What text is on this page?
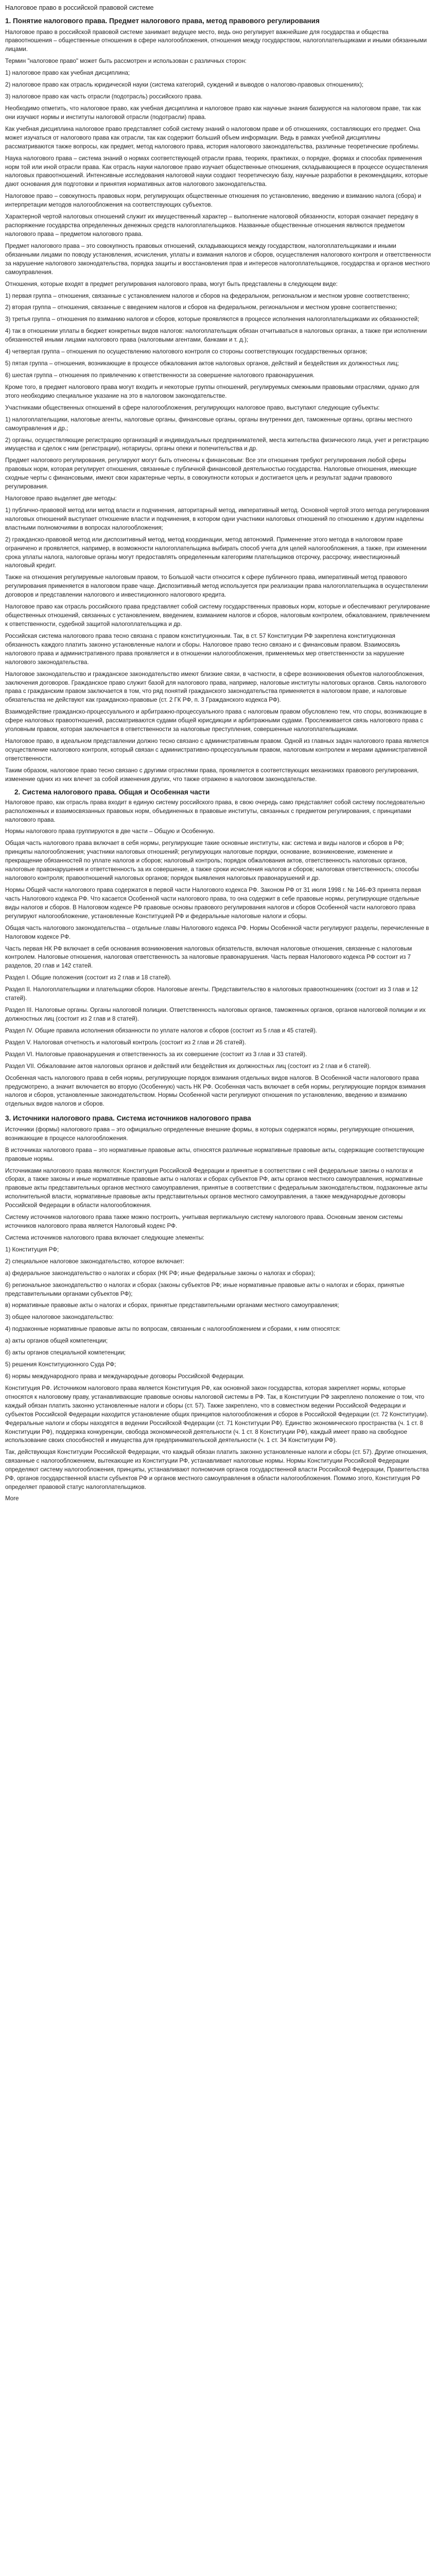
Налоговое право в российской правовой системе
1. Понятие налогового права. Предмет налогового права, метод правового регулирования

Налоговое право в российской правовой системе занимает ведущее место, ведь оно регулирует важнейшие для государства и общества правоотношения – общественные отношения в сфере налогообложения, отношения между государством, налогоплательщиками и иными обязанными лицами.

Термин "налоговое право" может быть рассмотрен и использован с различных сторон:

1) налоговое право как учебная дисциплина;

2) налоговое право как отрасль юридической науки (система категорий, суждений и выводов о налогово-правовых отношениях);

3) налоговое право как часть отрасли (подотрасль) российского права.

Необходимо отметить, что налоговое право, как учебная дисциплина и налоговое право как научные знания базируются на налоговом праве, так как они изучают нормы и институты налоговой отрасли (подотрасли) права.

Как учебная дисциплина налоговое право представляет собой систему знаний о налоговом праве и об отношениях, составляющих его предмет. Она может изучаться от налогового права как отрасли, так как содержит больший объем информации. Ведь в рамках учебной дисциплины рассматриваются также вопросы, как предмет, метод налогового права, история налогового законодательства, различные теоретические проблемы.

Наука налогового права – система знаний о нормах соответствующей отрасли права, теориях, практиках, о порядке, формах и способах применения норм той или иной отрасли права. Как отрасль науки налоговое право изучает общественные отношения, складывающиеся в процессе осуществления налоговых правоотношений. Интенсивные исследования налоговой науки создают теоретическую базу, научные разработки в рекомендациях, которые дают основания для подготовки и принятия нормативных актов налогового законодательства.

Налоговое право – совокупность правовых норм, регулирующих общественные отношения по установлению, введению и взиманию налога (сбора) и интерпретации методов налогообложения на соответствующих субъектов.

Характерной чертой налоговых отношений служит их имущественный характер – выполнение налоговой обязанности, которая означает передачу в распоряжение государства определенных денежных средств налогоплательщиков. Названные общественные отношения являются предметом налогового права – предметом налогового права.

Предмет налогового права – это совокупность правовых отношений, складывающихся между государством, налогоплательщиками и иными обязанными лицами по поводу установления, исчисления, уплаты и взимания налогов и сборов, осуществления налогового контроля и ответственности за нарушение налогового законодательства, порядка защиты и восстановления прав и интересов налогоплательщиков, государства и органов местного самоуправления.

Отношения, которые входят в предмет регулирования налогового права, могут быть представлены в следующем виде:

1) первая группа – отношения, связанные с установлением налогов и сборов на федеральном, региональном и местном уровне соответственно;

2) вторая группа – отношения, связанные с введением налогов и сборов на федеральном, региональном и местном уровне соответственно;

3) третья группа – отношения по взиманию налогов и сборов, которые проявляются в процессе исполнения налогоплательщиками их обязанностей;

4) так в отношении уплаты в бюджет конкретных видов налогов: налогоплательщик обязан отчитываться в налоговых органах, а также при исполнении обязанностей иными лицами налогового права (налоговыми агентами, банками и т. д.);

4) четвертая группа – отношения по осуществлению налогового контроля со стороны соответствующих государственных органов;

5) пятая группа – отношения, возникающие в процессе обжалования актов налоговых органов, действий и бездействия их должностных лиц;

6) шестая группа – отношения по привлечению к ответственности за совершение налогового правонарушения.

Кроме того, в предмет налогового права могут входить и некоторые группы отношений, регулируемых смежными правовыми отраслями, однако для этого необходимо специальное указание на это в налоговом законодательстве.

Участниками общественных отношений в сфере налогообложения, регулирующих налоговое право, выступают следующие субъекты:

1) налогоплательщики, налоговые агенты, налоговые органы, финансовые органы, органы внутренних дел, таможенные органы, органы местного самоуправления и др.;

2) органы, осуществляющие регистрацию организаций и индивидуальных предпринимателей, места жительства физического лица, учет и регистрацию имущества и сделок с ним (регистрации), нотариусы, органы опеки и попечительства и др.

Предмет налогового регулирования, регулируют могут быть отнесены к финансовым: Все эти отношения требуют регулирования любой сферы правовых норм, которая регулирует отношения, связанные с публичной финансовой деятельностью государства. Налоговые отношения, имеющие сходные черты с финансовыми, имеют свои характерные черты, в совокупности которых и достигается цель и результат задачи правового регулирования.

Налоговое право выделяет две методы:

1) публично-правовой метод или метод власти и подчинения, авторитарный метод, императивный метод. Основной чертой этого метода регулирования налоговых отношений выступает отношение власти и подчинения, в котором одни участники налоговых отношений по отношению к другим наделены властными полномочиями в вопросах налогообложения;

2) гражданско-правовой метод или диспозитивный метод, метод координации, метод автономий. Применение этого метода в налоговом праве ограничено и проявляется, например, в возможности налогоплательщика выбирать способ учета для целей налогообложения, а также, при изменении срока уплаты налога, налоговые органы могут предоставлять определенным категориям плательщиков отсрочку, рассрочку, инвестиционный налоговый кредит.

Также на отношения регулируемые налоговым правом, то Большой части относится к сфере публичного права, императивный метод правового регулирования применяется в налоговом праве чаще. Диспозитивный метод используется при реализации права налогоплательщика в осуществлении договоров и представлении налогового и инвестиционного налогового кредита.

Налоговое право как отрасль российского права представляет собой систему государственных правовых норм, которые и обеспечивают регулирование общественных отношений, связанных с установлением, введением, взиманием налогов и сборов, налоговым контролем, обжалованием, привлечением к ответственности, судебной защитой налогоплательщика и др.

Российская система налогового права тесно связана с правом конституционным. Так, в ст. 57 Конституции РФ закреплена конституционная обязанность каждого платить законно установленные налоги и сборы. Налоговое право тесно связано и с финансовым правом. Взаимосвязь налогового права и административного права проявляется и в отношении налогообложения, применяемых мер ответственности за нарушение налогового законодательства.

Налоговое законодательство и гражданское законодательство имеют близкие связи, в частности, в сфере возникновения объектов налогообложения, заключения договоров. Гражданское право служит базой для налогового права, например, налоговые институты налоговых органов. Связь налогового права с гражданским правом заключается в том, что ряд понятий гражданского законодательства применяется в налоговом праве, и налоговые обязательства не действуют как гражданско-правовые (ст. 2 ГК РФ, п. 3 Гражданского кодекса РФ).

Взаимодействие гражданско-процессуального и арбитражно-процессуального права с налоговым правом обусловлено тем, что споры, возникающие в сфере налоговых правоотношений, рассматриваются судами общей юрисдикции и арбитражными судами. Прослеживается связь налогового права с уголовным правом, которая заключается в ответственности за налоговые преступления, совершенные налогоплательщиками.

Налоговое право, в идеальном представлении должно тесно связано с административным правом. Одной из главных задач налогового права является осуществление налогового контроля, который связан с административно-процессуальным правом, налоговым контролем и мерами административной ответственности.

Таким образом, налоговое право тесно связано с другими отраслями права, проявляется в соответствующих механизмах правового регулирования, изменение одних из них влечет за собой изменения других, что также отражено в налоговом законодательстве.

2. Система налогового права. Общая и Особенная части

Налоговое право, как отрасль права входит в единую систему российского права, в свою очередь само представляет собой систему последовательно расположенных и взаимосвязанных правовых норм, объединенных в правовые институты, связанных с предметом регулирования, с принципами налогового права.

Нормы налогового права группируются в две части – Общую и Особенную.

Общая часть налогового права включает в себя нормы, регулирующие такие основные институты, как: система и виды налогов и сборов в РФ; принципы налогообложения; участники налоговых отношений; регулирующих налоговые порядки, основание, возникновение, изменение и прекращение обязанностей по уплате налогов и сборов; налоговый контроль; порядок обжалования актов, ответственность налоговых органов, налоговые правонарушения и ответственность за их совершение, а также сроки исчисления налогов и сборов; налоговая ответственность; способы налогового контроля; правоотношений налоговых органов; порядок выявления налоговых правонарушений и др.

Нормы Общей части налогового права содержатся в первой части Налогового кодекса РФ. Законом РФ от 31 июля 1998 г. № 146-ФЗ принята первая часть Налогового кодекса РФ. Что касается Особенной части налогового права, то она содержит в себе правовые нормы, регулирующие отдельные виды налогов и сборов. В Налоговом кодексе РФ правовые основы правового регулирования налогов и сборов Особенной части налогового права регулируют налогообложение, установленные Конституцией РФ и федеральные налоговые налоги и сборы.

Общая часть налогового законодательства – отдельные главы Налогового кодекса РФ. Нормы Особенной части регулируют разделы, перечисленные в Налоговом кодексе РФ.

Часть первая НК РФ включает в себя основания возникновения налоговых обязательств, включая налоговые отношения, связанные с налоговым контролем. Налоговые отношения, налоговая ответственность за налоговые правонарушения. Часть первая Налогового кодекса РФ состоит из 7 разделов, 20 глав и 142 статей.

Раздел I. Общие положения (состоит из 2 глав и 18 статей).

Раздел II. Налогоплательщики и плательщики сборов. Налоговые агенты. Представительство в налоговых правоотношениях (состоит из 3 глав и 12 статей).

Раздел III. Налоговые органы. Органы налоговой полиции. Ответственность налоговых органов, таможенных органов, органов налоговой полиции и их должностных лиц (состоит из 2 глав и 8 статей).

Раздел IV. Общие правила исполнения обязанности по уплате налогов и сборов (состоит из 5 глав и 45 статей).

Раздел V. Налоговая отчетность и налоговый контроль (состоит из 2 глав и 26 статей).

Раздел VI. Налоговые правонарушения и ответственность за их совершение (состоит из 3 глав и 33 статей).

Раздел VII. Обжалование актов налоговых органов и действий или бездействия их должностных лиц (состоит из 2 глав и 6 статей).

Особенная часть налогового права в себя нормы, регулирующие порядок взимания отдельных видов налогов. В Особенной части налогового права предусмотрено, а значит включается во вторую (Особенную) часть НК РФ. Особенная часть включает в себя нормы, регулирующие порядок взимания налогов и сборов, установленные законодательством. Нормы Особенной части регулируют отношения по установлению, введению и взиманию отдельных видов налогов и сборов.

3. Источники налогового права. Система источников налогового права

Источники (формы) налогового права – это официально определенные внешние формы, в которых содержатся нормы, регулирующие отношения, возникающие в процессе налогообложения.

В источниках налогового права – это нормативные правовые акты, относятся различные нормативные правовые акты, содержащие соответствующие правовые нормы.

Источниками налогового права являются: Конституция Российской Федерации и принятые в соответствии с ней федеральные законы о налогах и сборах, а также законы и иные нормативные правовые акты о налогах и сборах субъектов РФ, акты органов местного самоуправления, нормативные правовые акты представительных органов местного самоуправления, принятые в соответствии с федеральным законодательством, подзаконные акты исполнительной власти, нормативные правовые акты представительных органов местного самоуправления, а также международные договоры Российской Федерации в области налогообложения.

Систему источников налогового права также можно построить, учитывая вертикальную систему налогового права. Основным звеном системы источников налогового права является Налоговый кодекс РФ.

Система источников налогового права включает следующие элементы:

1) Конституция РФ;

2) специальное налоговое законодательство, которое включает:

а) федеральное законодательство о налогах и сборах (НК РФ; иные федеральные законы о налогах и сборах);

б) региональное законодательство о налогах и сборах (законы субъектов РФ; иные нормативные правовые акты о налогах и сборах, принятые представительными органами субъектов РФ);

в) нормативные правовые акты о налогах и сборах, принятые представительными органами местного самоуправления;

3) общее налоговое законодательство:

4) подзаконные нормативные правовые акты по вопросам, связанным с налогообложением и сборами, к ним относятся:

а) акты органов общей компетенции;

б) акты органов специальной компетенции;

5) решения Конституционного Суда РФ;

6) нормы международного права и международные договоры Российской Федерации.

Конституция РФ. Источником налогового права является Конституция РФ, как основной закон государства, которая закрепляет нормы, которые относятся к налоговому праву, устанавливающие правовые основы налоговой системы в РФ. Так, в Конституции РФ закреплено положение о том, что каждый обязан платить законно установленные налоги и сборы (ст. 57). Также закреплено, что в совместном ведении Российской Федерации и субъектов Российской Федерации находится установление общих принципов налогообложения и сборов в Российской Федерации (ст. 72 Конституции). Федеральные налоги и сборы находятся в ведении Российской Федерации (ст. 71 Конституции РФ). Единство экономического пространства (ч. 1 ст. 8 Конституции РФ), поддержка конкуренции, свобода экономической деятельности (ч. 1 ст. 8 Конституции РФ), каждый имеет право на свободное использование своих способностей и имущества для предпринимательской деятельности (ч. 1 ст. 34 Конституции РФ).

Так, действующая Конституции Российской Федерации, что каждый обязан платить законно установленные налоги и сборы (ст. 57). Другие отношения, связанные с налогообложением, вытекающие из Конституции РФ, устанавливает налоговые нормы. Нормы Конституции Российской Федерации определяют систему налогообложения, принципы, устанавливают полномочия органов государственной власти Российской Федерации, Правительства РФ, органов государственной власти субъектов РФ и органов местного самоуправления в области налогообложения. Помимо этого, Конституция РФ определяет правовой статус налогоплательщиков.

More
